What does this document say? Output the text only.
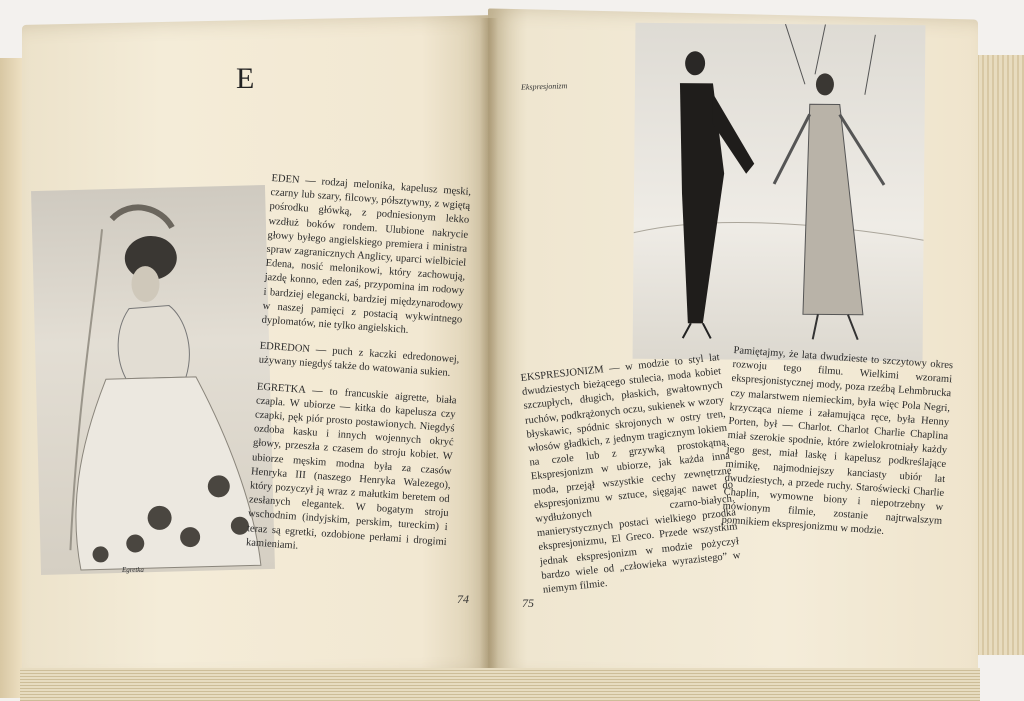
E	Ekspresjonizm
Egretka

EDEN — rodzaj melonika, kapelusz męski, czarny lub szary, filcowy, półsztywny, z wgiętą pośrodku główką, z podniesionym lekko wzdłuż boków rondem. Ulubione nakrycie głowy byłego angielskiego premiera i ministra spraw zagranicznych Anglicy, uparci wielbiciel Edena, nosić melonikowi, który zachowują, jazdę konno, eden zaś, przypomina im rodowy i bardziej elegancki, bardziej międzynarodowy w naszej pamięci z postacią wykwintnego dyplomatów, nie tylko angielskich.

EDREDON — puch z kaczki edredonowej, używany niegdyś także do watowania sukien.

EGRETKA — to francuskie aigrette, biała czapla. W ubiorze — kitka do kapelusza czy czapki, pęk piór prosto postawionych. Niegdyś ozdoba kasku i innych wojennych okryć głowy, przeszła z czasem do stroju kobiet. W ubiorze męskim modna była za czasów Henryka III (naszego Henryka Walezego), który pozyczył ją wraz z małutkim beretem od zesłanych elegantek. W bogatym stroju wschodnim (indyjskim, perskim, tureckim) i teraz są egretki, ozdobione perłami i drogimi kamieniami.

EKSPRESJONIZM — w modzie to styl lat dwudziestych bieżącego stulecia, moda kobiet szczupłych, długich, płaskich, gwałtownych ruchów, podkrążonych oczu, sukienek w wzory błyskawic, spódnic skrojonych w ostry tren, włosów gładkich, z jednym tragicznym lokiem na czole lub z grzywką prostokątną. Ekspresjonizm w ubiorze, jak każda inna moda, przejął wszystkie cechy zewnętrzne ekspresjonizmu w sztuce, sięgając nawet do wydłużonych czarno-białych. manierystycznych postaci wielkiego przodka ekspresjonizmu, El Greco. Przede wszystkim jednak ekspresjonizm w modzie pożyczył bardzo wiele od „człowieka wyrazistego” w niemym filmie.

Pamiętajmy, że lata dwudzieste to szczytowy okres rozwoju tego filmu. Wielkimi wzorami ekspresjonistycznej mody, poza rzeźbą Lehmbrucka czy malarstwem niemieckim, była więc Pola Negri, krzycząca nieme i załamująca ręce, była Henny Porten, był — Charlot. Charlot Charlie Chaplina miał szerokie spodnie, które zwielokrotniały każdy jego gest, miał laskę i kapelusz podkreślające mimikę, najmodniejszy kanciasty ubiór lat dwudziestych, a przede ruchy. Staroświecki Charlie Chaplin, wymowne biony i niepotrzebny w mówionym filmie, zostanie najtrwalszym pomnikiem ekspresjonizmu w modzie.

74	75
